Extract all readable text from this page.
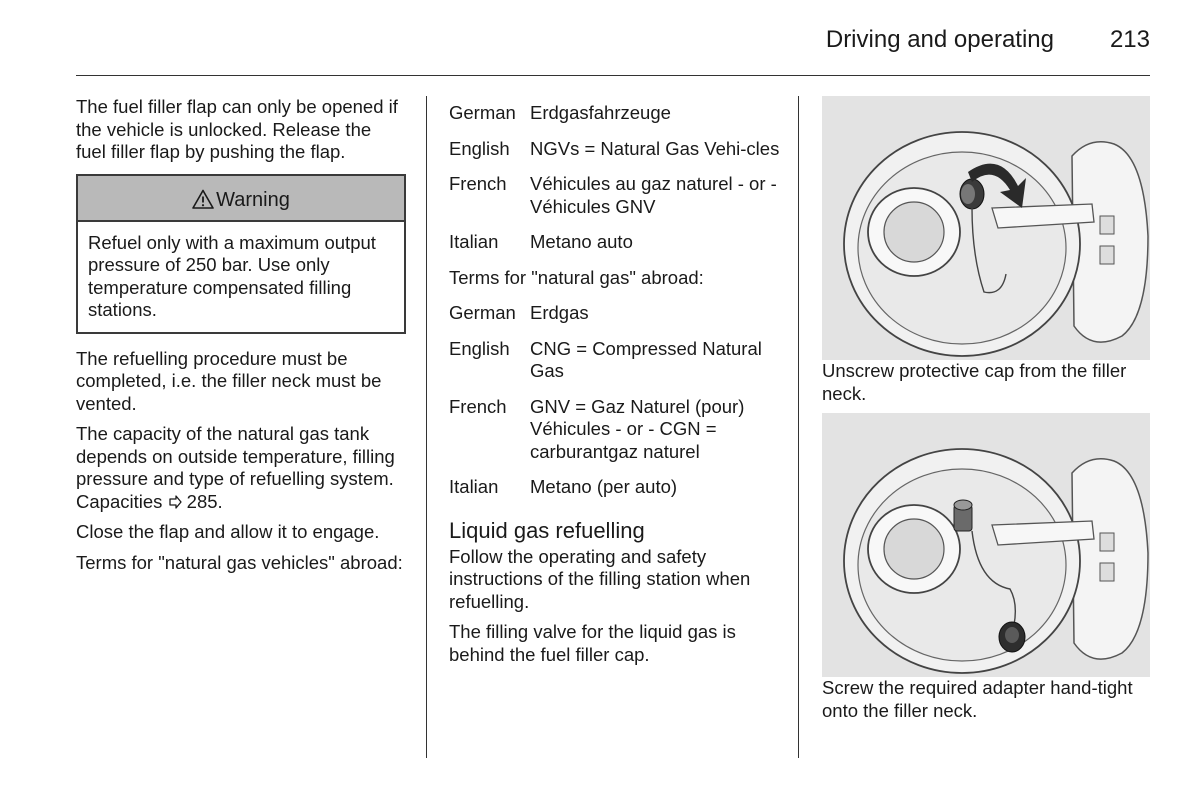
Driving and operating 213

The fuel filler flap can only be opened if the vehicle is unlocked. Release the fuel filler flap by pushing the flap.

Warning
Refuel only with a maximum output pressure of 250 bar. Use only temperature compensated filling stations.

The refuelling procedure must be completed, i.e. the filler neck must be vented.

The capacity of the natural gas tank depends on outside temperature, filling pressure and type of refuelling system. Capacities 285.

Close the flap and allow it to engage.

Terms for "natural gas vehicles" abroad:

German Erdgasfahrzeuge
English	NGVs = Natural Gas Vehi-cles
French	Véhicules au gaz naturel - or - Véhicules GNV
Italian	Metano auto

Terms for "natural gas" abroad:

German Erdgas
English	CNG = Compressed Natural Gas
French	GNV = Gaz Naturel (pour) Véhicules - or - CGN = carburantgaz naturel
Italian	Metano (per auto)
Liquid gas refuelling

Follow the operating and safety instructions of the filling station when refuelling.

The filling valve for the liquid gas is behind the fuel filler cap.

Unscrew protective cap from the filler neck.

Screw the required adapter hand-tight onto the filler neck.
